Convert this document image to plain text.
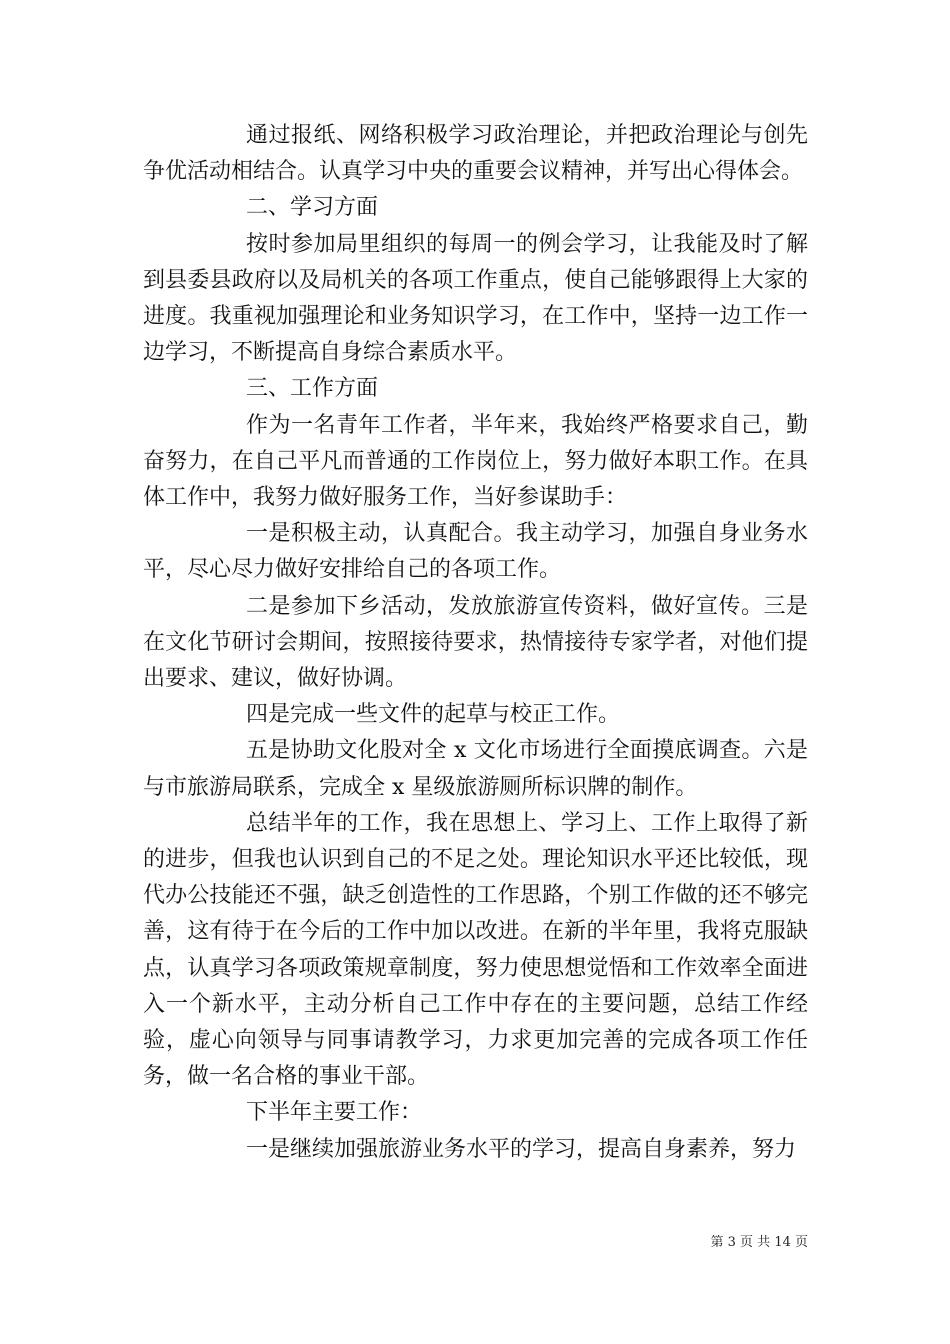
通过报纸、网络积极学习政治理论，并把政治理论与创先争优活动相结合。认真学习中央的重要会议精神，并写出心得体会。

二、学习方面

按时参加局里组织的每周一的例会学习，让我能及时了解到县委县政府以及局机关的各项工作重点，使自己能够跟得上大家的进度。我重视加强理论和业务知识学习，在工作中，坚持一边工作一边学习，不断提高自身综合素质水平。

三、工作方面

作为一名青年工作者，半年来，我始终严格要求自己，勤奋努力，在自己平凡而普通的工作岗位上，努力做好本职工作。在具体工作中，我努力做好服务工作，当好参谋助手：

一是积极主动，认真配合。我主动学习，加强自身业务水平，尽心尽力做好安排给自己的各项工作。

二是参加下乡活动，发放旅游宣传资料，做好宣传。三是在文化节研讨会期间，按照接待要求，热情接待专家学者，对他们提出要求、建议，做好协调。

四是完成一些文件的起草与校正工作。

五是协助文化股对全 x 文化市场进行全面摸底调查。六是与市旅游局联系，完成全 x 星级旅游厕所标识牌的制作。

总结半年的工作，我在思想上、学习上、工作上取得了新的进步，但我也认识到自己的不足之处。理论知识水平还比较低，现代办公技能还不强，缺乏创造性的工作思路，个别工作做的还不够完善，这有待于在今后的工作中加以改进。在新的半年里，我将克服缺点，认真学习各项政策规章制度，努力使思想觉悟和工作效率全面进入一个新水平，主动分析自己工作中存在的主要问题，总结工作经验，虚心向领导与同事请教学习，力求更加完善的完成各项工作任务，做一名合格的事业干部。

下半年主要工作：

一是继续加强旅游业务水平的学习，提高自身素养，努力

第 3 页 共 14 页
